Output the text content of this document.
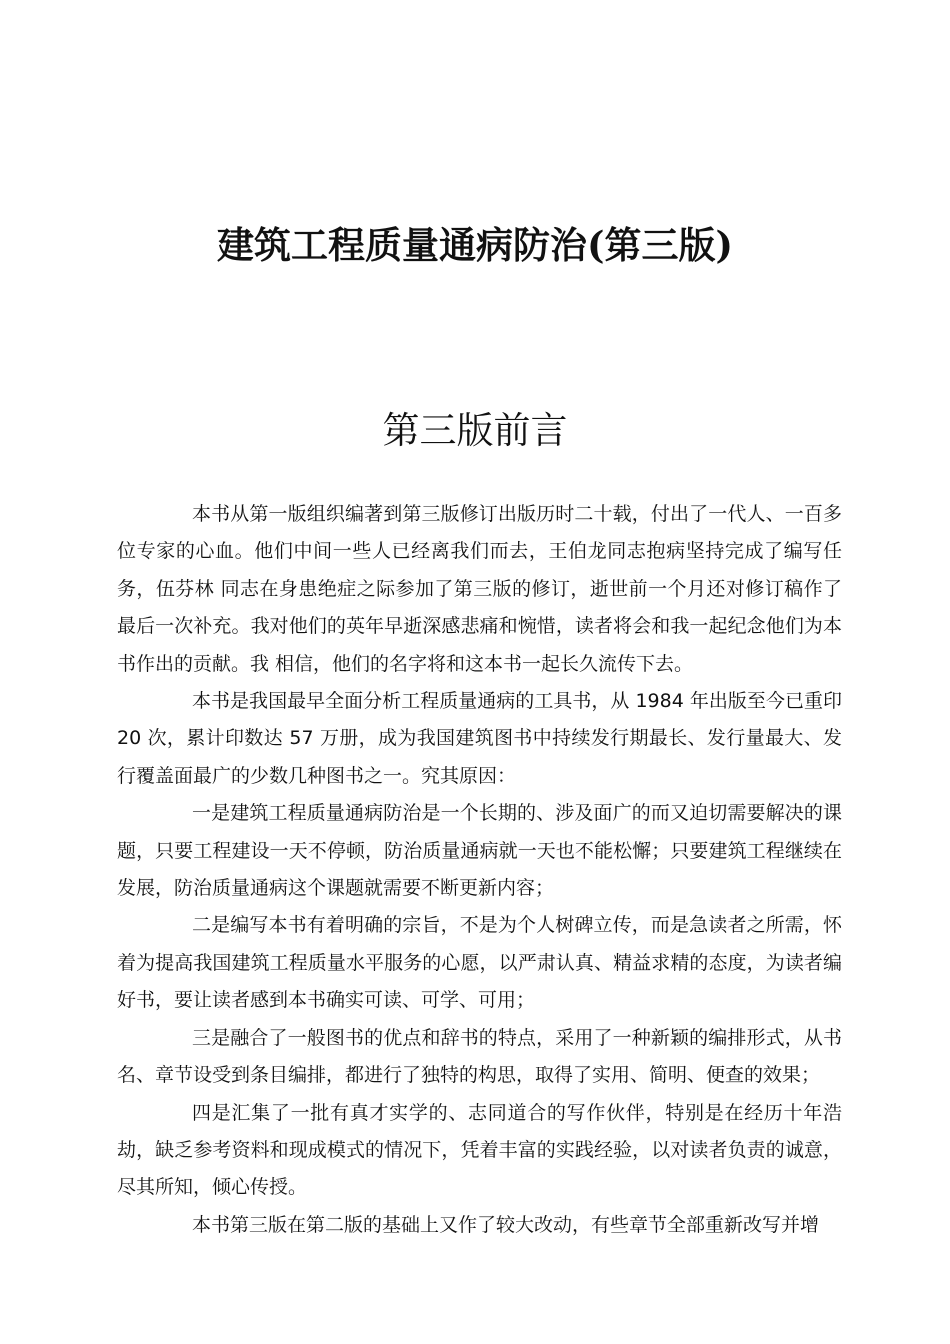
建筑工程质量通病防治(第三版)
第三版前言

本书从第一版组织编著到第三版修订出版历时二十载，付出了一代人、一百多位专家的心血。他们中间一些人已经离我们而去，王伯龙同志抱病坚持完成了编写任务，伍芬林 同志在身患绝症之际参加了第三版的修订，逝世前一个月还对修订稿作了最后一次补充。我对他们的英年早逝深感悲痛和惋惜，读者将会和我一起纪念他们为本书作出的贡献。我 相信，他们的名字将和这本书一起长久流传下去。

本书是我国最早全面分析工程质量通病的工具书，从 1984 年出版至今已重印 20 次，累计印数达 57 万册，成为我国建筑图书中持续发行期最长、发行量最大、发行覆盖面最广的少数几种图书之一。究其原因：

一是建筑工程质量通病防治是一个长期的、涉及面广的而又迫切需要解决的课题，只要工程建设一天不停顿，防治质量通病就一天也不能松懈；只要建筑工程继续在发展，防治质量通病这个课题就需要不断更新内容；

二是编写本书有着明确的宗旨，不是为个人树碑立传，而是急读者之所需，怀着为提高我国建筑工程质量水平服务的心愿，以严肃认真、精益求精的态度，为读者编好书，要让读者感到本书确实可读、可学、可用；

三是融合了一般图书的优点和辞书的特点，采用了一种新颖的编排形式，从书名、章节设受到条目编排，都进行了独特的构思，取得了实用、简明、便查的效果；

四是汇集了一批有真才实学的、志同道合的写作伙伴，特别是在经历十年浩劫，缺乏参考资料和现成模式的情况下，凭着丰富的实践经验，以对读者负责的诚意，尽其所知，倾心传授。

本书第三版在第二版的基础上又作了较大改动，有些章节全部重新改写并增
